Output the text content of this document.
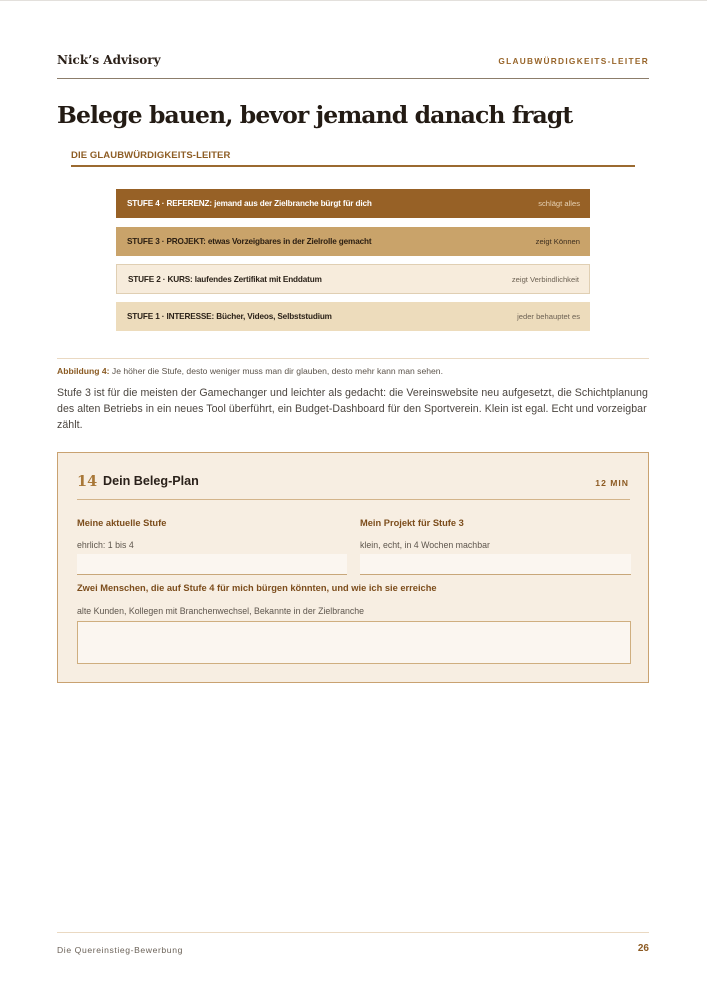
Nick’s Advisory	GLAUBWÜRDIGKEITS-LEITER
Belege bauen, bevor jemand danach fragt
DIE GLAUBWÜRDIGKEITS-LEITER
STUFE 4 · REFERENZ: jemand aus der Zielbranche bürgt für dich	schlägt alles
STUFE 3 · PROJEKT: etwas Vorzeigbares in der Zielrolle gemacht	zeigt Können
STUFE 2 · KURS: laufendes Zertifikat mit Enddatum	zeigt Verbindlichkeit
STUFE 1 · INTERESSE: Bücher, Videos, Selbststudium	jeder behauptet es
Abbildung 4: Je höher die Stufe, desto weniger muss man dir glauben, desto mehr kann man sehen.

Stufe 3 ist für die meisten der Gamechanger und leichter als gedacht: die Vereinswebsite neu aufgesetzt, die Schichtplanung des alten Betriebs in ein neues Tool überführt, ein Budget-Dashboard für den Sportverein. Klein ist egal. Echt und vorzeigbar zählt.

14 Dein Beleg-Plan	12 MIN
Meine aktuelle Stufe
ehrlich: 1 bis 4
Mein Projekt für Stufe 3
klein, echt, in 4 Wochen machbar
Zwei Menschen, die auf Stufe 4 für mich bürgen könnten, und wie ich sie erreiche
alte Kunden, Kollegen mit Branchenwechsel, Bekannte in der Zielbranche
Die Quereinstieg-Bewerbung	26
